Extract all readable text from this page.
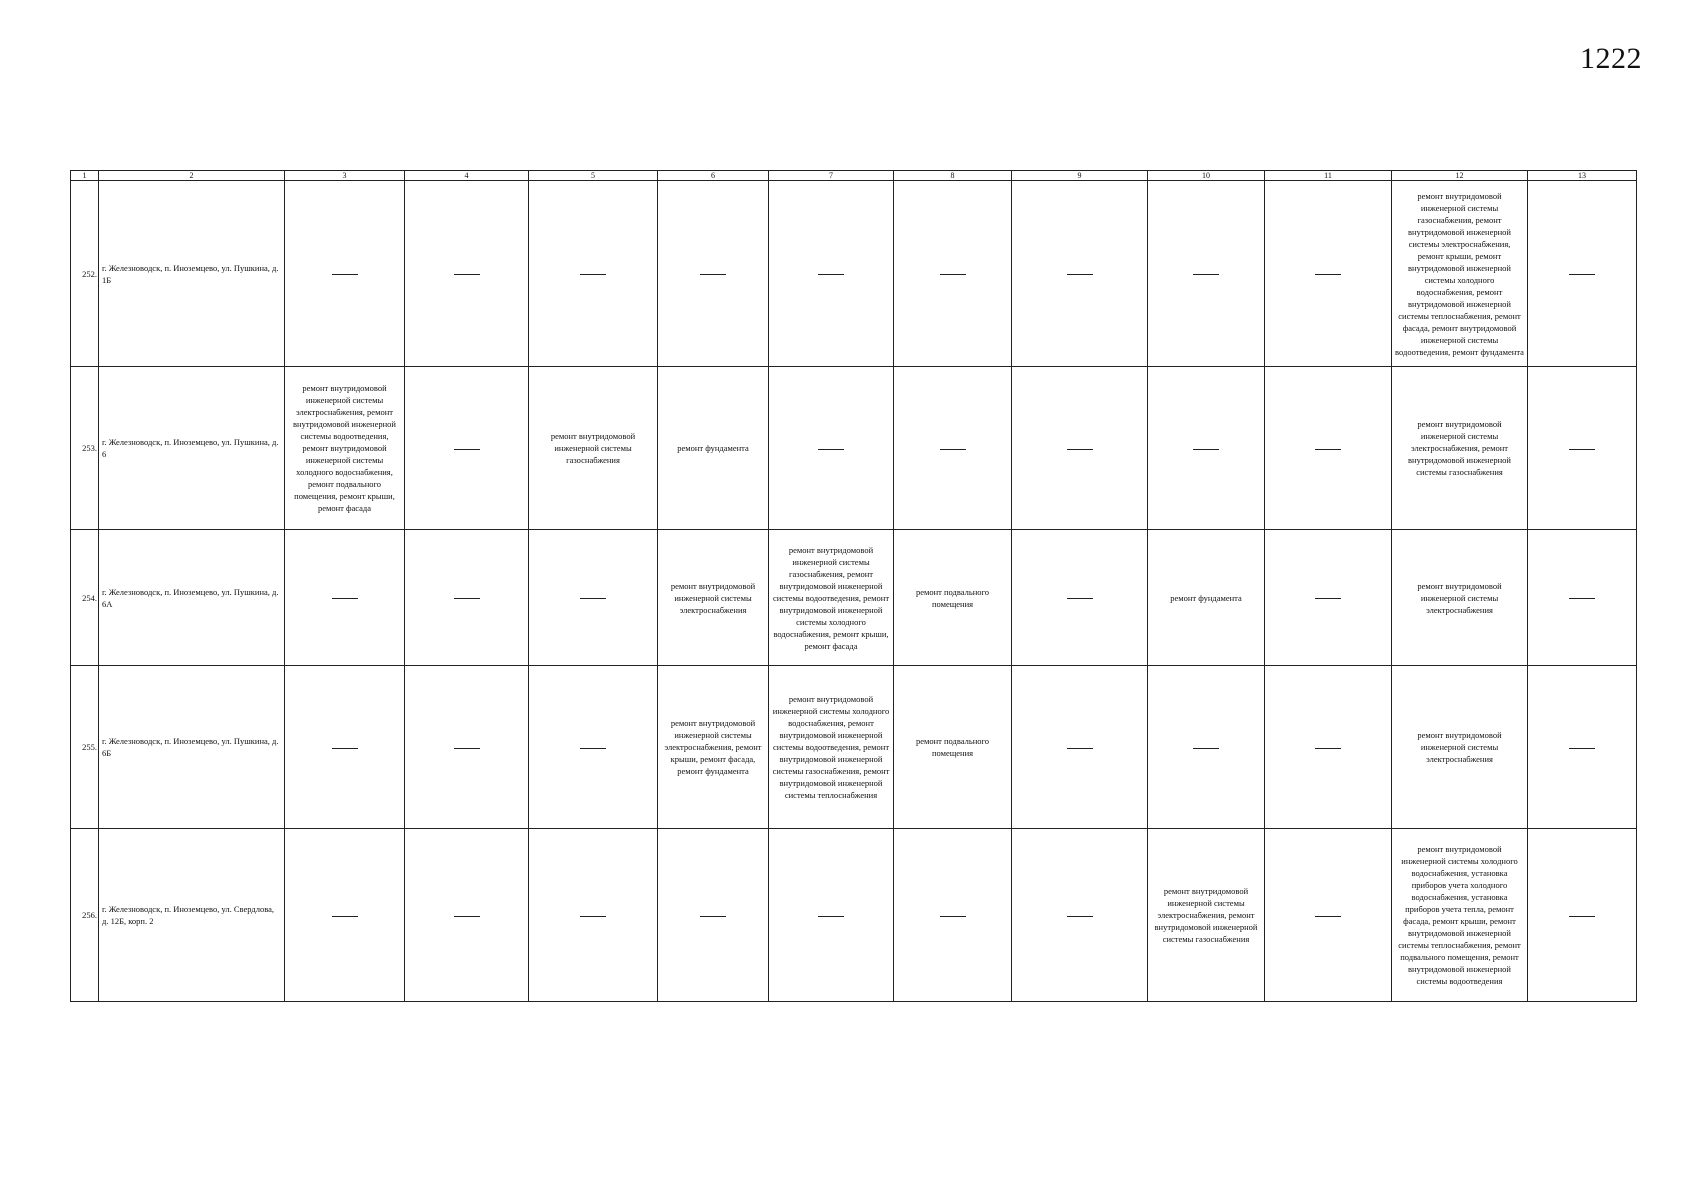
1222
1	2	3	4	5	6	7	8	9	10	11	12	13
252.	г. Железноводск, п. Иноземцево, ул. Пушкина, д. 1Б										ремонт внутридомовой инженерной системы газоснабжения, ремонт внутридомовой инженерной системы электроснабжения, ремонт крыши, ремонт внутридомовой инженерной системы холодного водоснабжения, ремонт внутридомовой инженерной системы теплоснабжения, ремонт фасада, ремонт внутридомовой инженерной системы водоотведения, ремонт фундамента	
253.	г. Железноводск, п. Иноземцево, ул. Пушкина, д. 6	ремонт внутридомовой инженерной системы электроснабжения, ремонт внутридомовой инженерной системы водоотведения, ремонт внутридомовой инженерной системы холодного водоснабжения, ремонт подвального помещения, ремонт крыши, ремонт фасада		ремонт внутридомовой инженерной системы газоснабжения	ремонт фундамента						ремонт внутридомовой инженерной системы электроснабжения, ремонт внутридомовой инженерной системы газоснабжения	
254.	г. Железноводск, п. Иноземцево, ул. Пушкина, д. 6А				ремонт внутридомовой инженерной системы электроснабжения	ремонт внутридомовой инженерной системы газоснабжения, ремонт внутридомовой инженерной системы водоотведения, ремонт внутридомовой инженерной системы холодного водоснабжения, ремонт крыши, ремонт фасада	ремонт подвального помещения		ремонт фундамента		ремонт внутридомовой инженерной системы электроснабжения	
255.	г. Железноводск, п. Иноземцево, ул. Пушкина, д. 6Б				ремонт внутридомовой инженерной системы электроснабжения, ремонт крыши, ремонт фасада, ремонт фундамента	ремонт внутридомовой инженерной системы холодного водоснабжения, ремонт внутридомовой инженерной системы водоотведения, ремонт внутридомовой инженерной системы газоснабжения, ремонт внутридомовой инженерной системы теплоснабжения	ремонт подвального помещения				ремонт внутридомовой инженерной системы электроснабжения	
256.	г. Железноводск, п. Иноземцево, ул. Свердлова, д. 12Б, корп. 2								ремонт внутридомовой инженерной системы электроснабжения, ремонт внутридомовой инженерной системы газоснабжения		ремонт внутридомовой инженерной системы холодного водоснабжения, установка приборов учета холодного водоснабжения, установка приборов учета тепла, ремонт фасада, ремонт крыши, ремонт внутридомовой инженерной системы теплоснабжения, ремонт подвального помещения, ремонт внутридомовой инженерной системы водоотведения	
